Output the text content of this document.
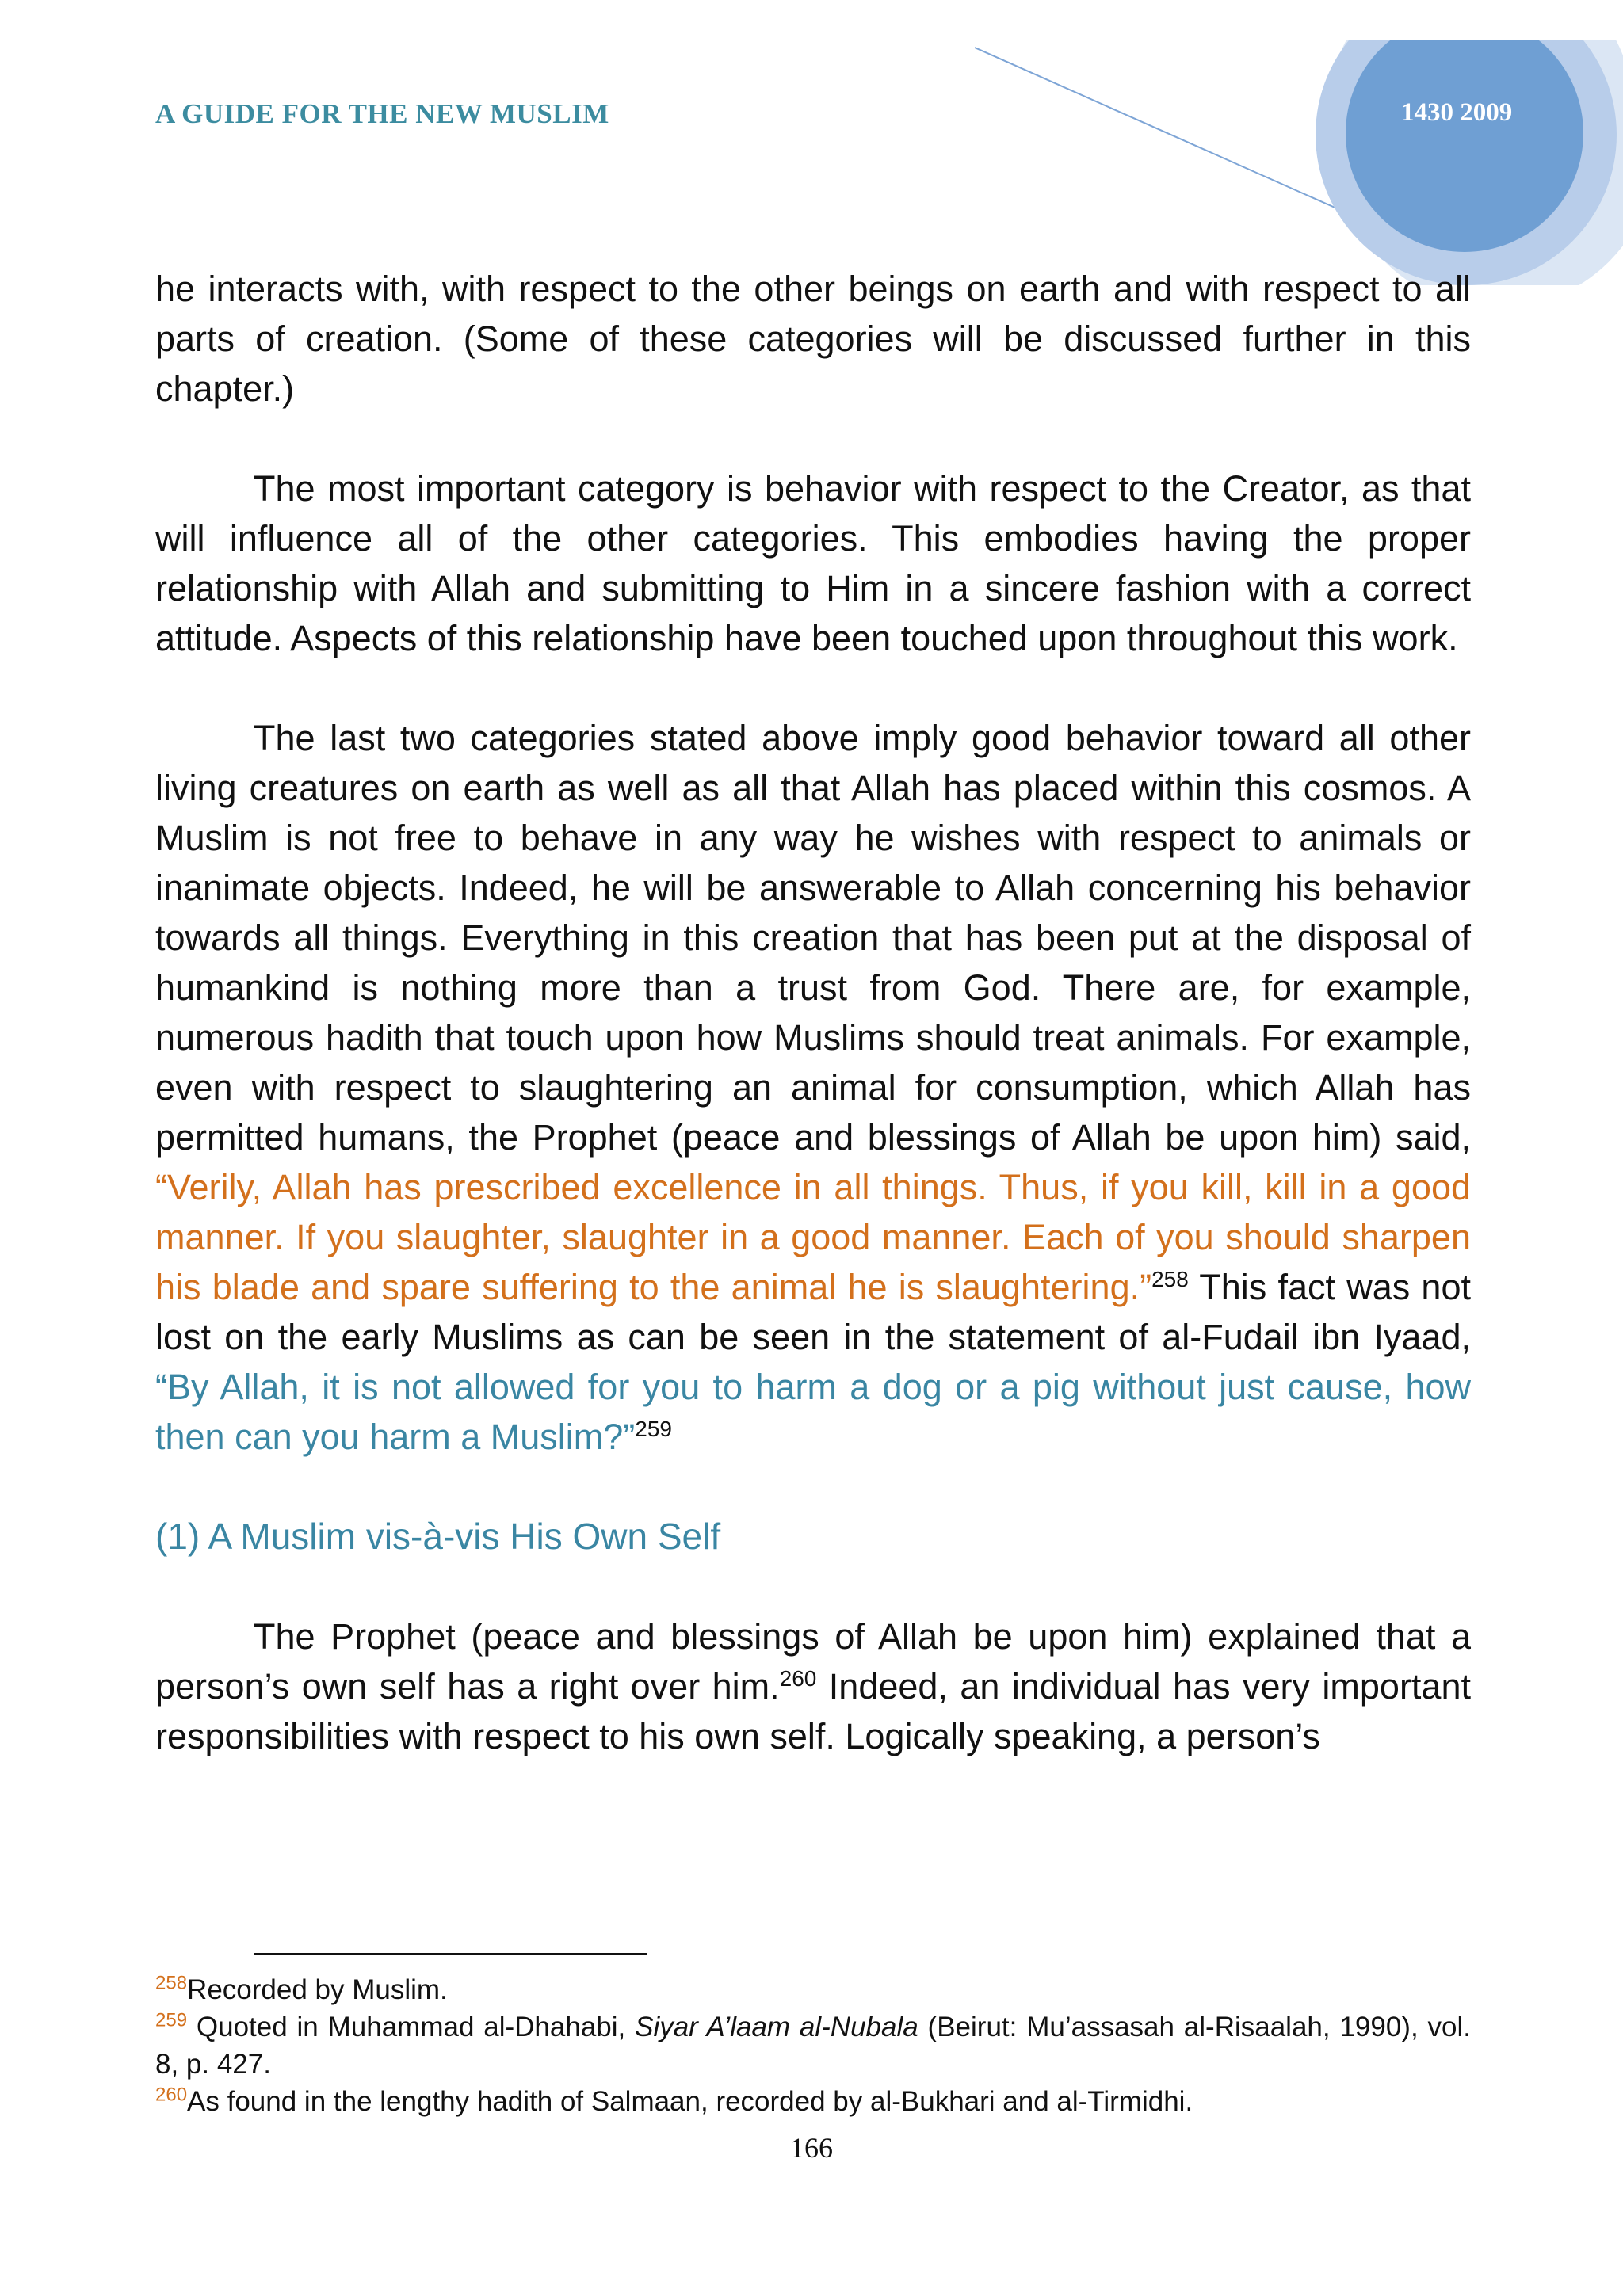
A GUIDE FOR THE NEW MUSLIM	1430 2009

he interacts with, with respect to the other beings on earth and with respect to all parts of creation. (Some of these categories will be discussed further in this chapter.)

The most important category is behavior with respect to the Creator, as that will influence all of the other categories. This embodies having the proper relationship with Allah and submitting to Him in a sincere fashion with a correct attitude. Aspects of this relationship have been touched upon throughout this work.

The last two categories stated above imply good behavior toward all other living creatures on earth as well as all that Allah has placed within this cosmos. A Muslim is not free to behave in any way he wishes with respect to animals or inanimate objects. Indeed, he will be answerable to Allah concerning his behavior towards all things. Everything in this creation that has been put at the disposal of humankind is nothing more than a trust from God. There are, for example, numerous hadith that touch upon how Muslims should treat animals. For example, even with respect to slaughtering an animal for consumption, which Allah has permitted humans, the Prophet (peace and blessings of Allah be upon him) said, “Verily, Allah has prescribed excellence in all things. Thus, if you kill, kill in a good manner. If you slaughter, slaughter in a good manner. Each of you should sharpen his blade and spare suffering to the animal he is slaughtering.”$^{258}$ This fact was not lost on the early Muslims as can be seen in the statement of al-Fudail ibn Iyaad, “By Allah, it is not allowed for you to harm a dog or a pig without just cause, how then can you harm a Muslim?”$^{259}$

(1) A Muslim vis-à-vis His Own Self

The Prophet (peace and blessings of Allah be upon him) explained that a person’s own self has a right over him.$^{260}$ Indeed, an individual has very important responsibilities with respect to his own self. Logically speaking, a person’s

$^{258}$Recorded by Muslim.
$^{259}$ Quoted in Muhammad al-Dhahabi, Siyar A’laam al-Nubala (Beirut: Mu’assasah al-Risaalah, 1990), vol. 8, p. 427.
$^{260}$As found in the lengthy hadith of Salmaan, recorded by al-Bukhari and al-Tirmidhi.
166
